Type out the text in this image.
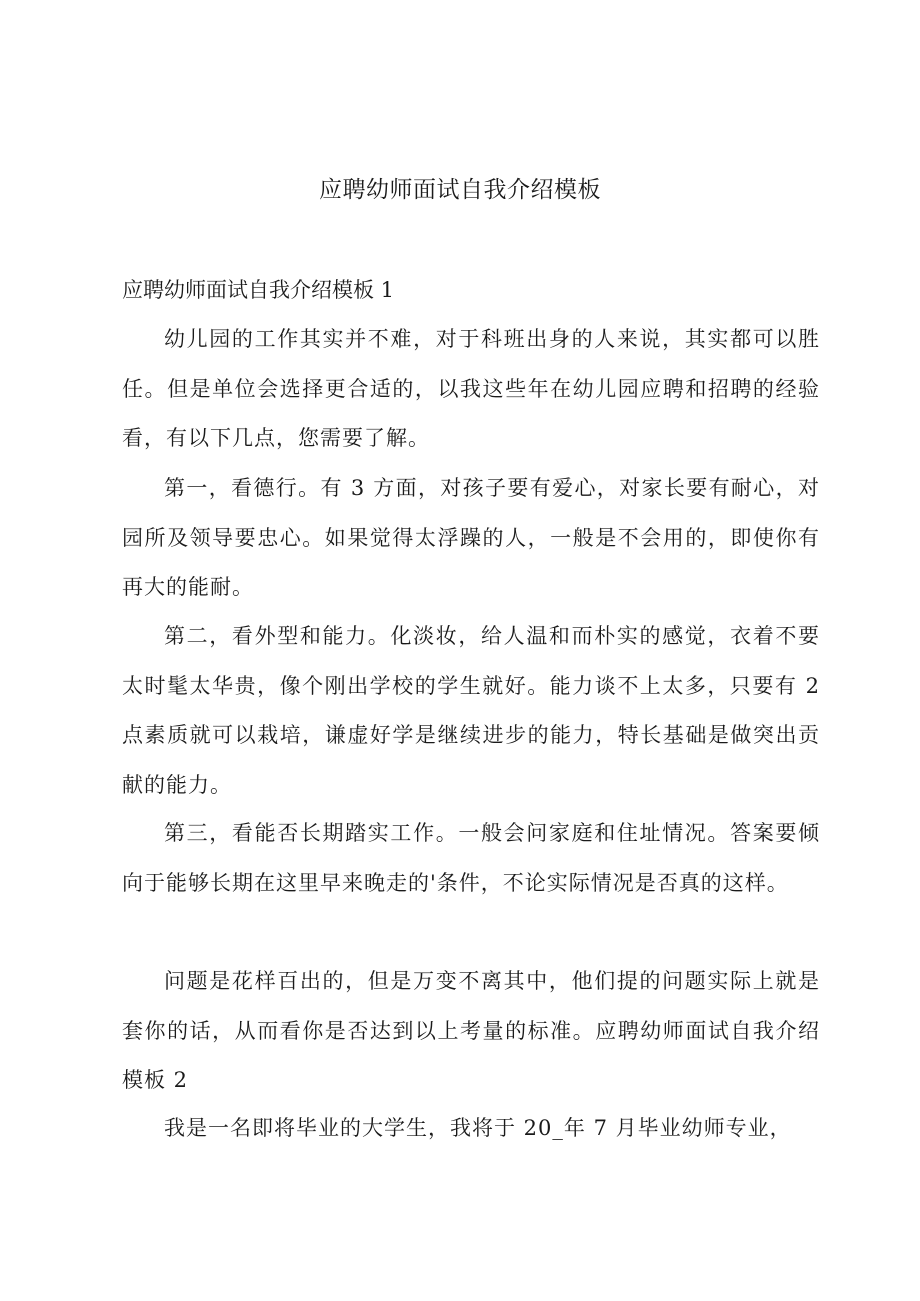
应聘幼师面试自我介绍模板
应聘幼师面试自我介绍模板 1

幼儿园的工作其实并不难，对于科班出身的人来说，其实都可以胜任。但是单位会选择更合适的，以我这些年在幼儿园应聘和招聘的经验看，有以下几点，您需要了解。

第一，看德行。有 3 方面，对孩子要有爱心，对家长要有耐心，对园所及领导要忠心。如果觉得太浮躁的人，一般是不会用的，即使你有再大的能耐。

第二，看外型和能力。化淡妆，给人温和而朴实的感觉，衣着不要太时髦太华贵，像个刚出学校的学生就好。能力谈不上太多，只要有 2 点素质就可以栽培，谦虚好学是继续进步的能力，特长基础是做突出贡献的能力。

第三，看能否长期踏实工作。一般会问家庭和住址情况。答案要倾向于能够长期在这里早来晚走的'条件，不论实际情况是否真的这样。

问题是花样百出的，但是万变不离其中，他们提的问题实际上就是套你的话，从而看你是否达到以上考量的标准。应聘幼师面试自我介绍模板 2

我是一名即将毕业的大学生，我将于 20_年 7 月毕业幼师专业，
